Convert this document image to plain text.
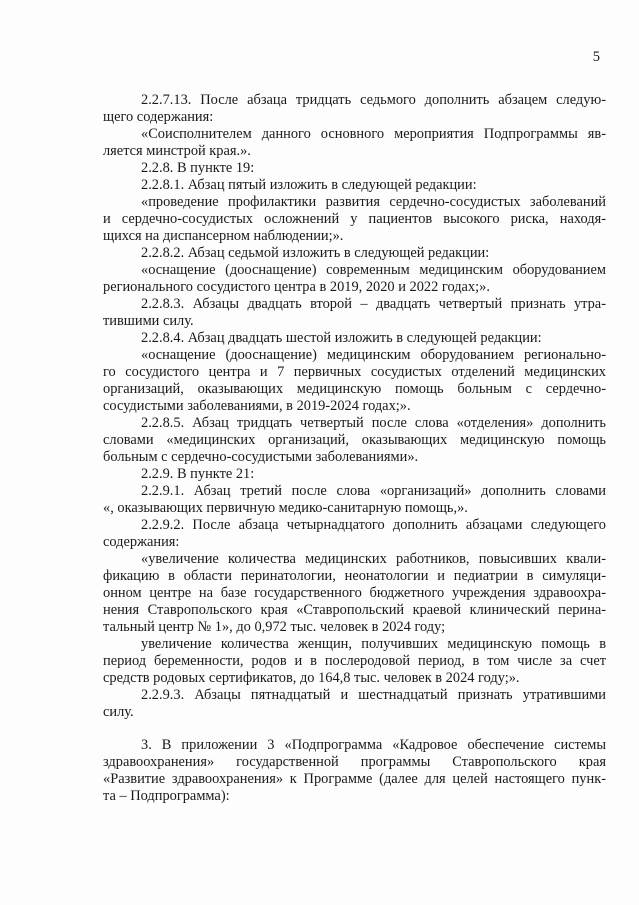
5

2.2.7.13. После абзаца тридцать седьмого дополнить абзацем следую-

щего содержания:

«Соисполнителем данного основного мероприятия Подпрограммы яв-

ляется минстрой края.».

2.2.8. В пункте 19:

2.2.8.1. Абзац пятый изложить в следующей редакции:

«проведение профилактики развития сердечно-сосудистых заболеваний

и сердечно-сосудистых осложнений у пациентов высокого риска, находя-

щихся на диспансерном наблюдении;».

2.2.8.2. Абзац седьмой изложить в следующей редакции:

«оснащение (дооснащение) современным медицинским оборудованием

регионального сосудистого центра в 2019, 2020 и 2022 годах;».

2.2.8.3. Абзацы двадцать второй – двадцать четвертый признать утра-

тившими силу.

2.2.8.4. Абзац двадцать шестой изложить в следующей редакции:

«оснащение (дооснащение) медицинским оборудованием регионально-

го сосудистого центра и 7 первичных сосудистых отделений медицинских

организаций, оказывающих медицинскую помощь больным с сердечно-

сосудистыми заболеваниями, в 2019-2024 годах;».

2.2.8.5. Абзац тридцать четвертый после слова «отделения» дополнить

словами «медицинских организаций, оказывающих медицинскую помощь

больным с сердечно-сосудистыми заболеваниями».

2.2.9. В пункте 21:

2.2.9.1. Абзац третий после слова «организаций» дополнить словами

«, оказывающих первичную медико-санитарную помощь,».

2.2.9.2. После абзаца четырнадцатого дополнить абзацами следующего

содержания:

«увеличение количества медицинских работников, повысивших квали-

фикацию в области перинатологии, неонатологии и педиатрии в симуляци-

онном центре на базе государственного бюджетного учреждения здравоохра-

нения Ставропольского края «Ставропольский краевой клинический перина-

тальный центр № 1», до 0,972 тыс. человек в 2024 году;

увеличение количества женщин, получивших медицинскую помощь в

период беременности, родов и в послеродовой период, в том числе за счет

средств родовых сертификатов, до 164,8 тыс. человек в 2024 году;».

2.2.9.3. Абзацы пятнадцатый и шестнадцатый признать утратившими

силу.

3. В приложении 3 «Подпрограмма «Кадровое обеспечение системы

здравоохранения» государственной программы Ставропольского края

«Развитие здравоохранения» к Программе (далее для целей настоящего пунк-

та – Подпрограмма):
